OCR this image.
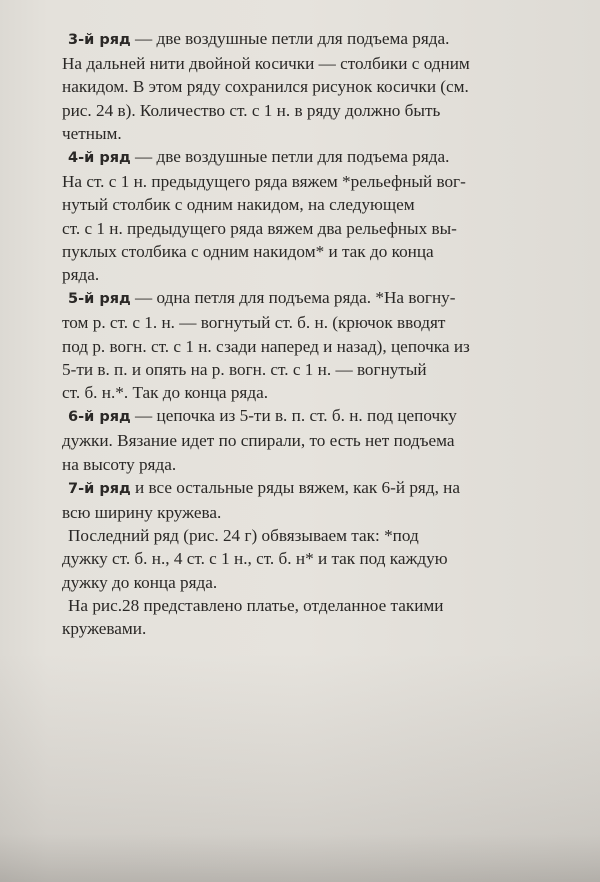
3-й ряд — две воздушные петли для подъема ряда.
На дальней нити двойной косички — столбики с одним
накидом. В этом ряду сохранился рисунок косички (см.
рис. 24 в). Количество ст. с 1 н. в ряду должно быть
четным.
4-й ряд — две воздушные петли для подъема ряда.
На ст. с 1 н. предыдущего ряда вяжем *рельефный вог-
нутый столбик с одним накидом, на следующем
ст. с 1 н. предыдущего ряда вяжем два рельефных вы-
пуклых столбика с одним накидом* и так до конца
ряда.
5-й ряд — одна петля для подъема ряда. *На вогну-
том р. ст. с 1. н. — вогнутый ст. б. н. (крючок вводят
под р. вогн. ст. с 1 н. сзади наперед и назад), цепочка из
5-ти в. п. и опять на р. вогн. ст. с 1 н. — вогнутый
ст. б. н.*. Так до конца ряда.
6-й ряд — цепочка из 5-ти в. п. ст. б. н. под цепочку
дужки. Вязание идет по спирали, то есть нет подъема
на высоту ряда.
7-й ряд и все остальные ряды вяжем, как 6-й ряд, на
всю ширину кружева.
Последний ряд (рис. 24 г) обвязываем так: *под
дужку ст. б. н., 4 ст. с 1 н., ст. б. н* и так под каждую
дужку до конца ряда.
На рис.28 представлено платье, отделанное такими
кружевами.
